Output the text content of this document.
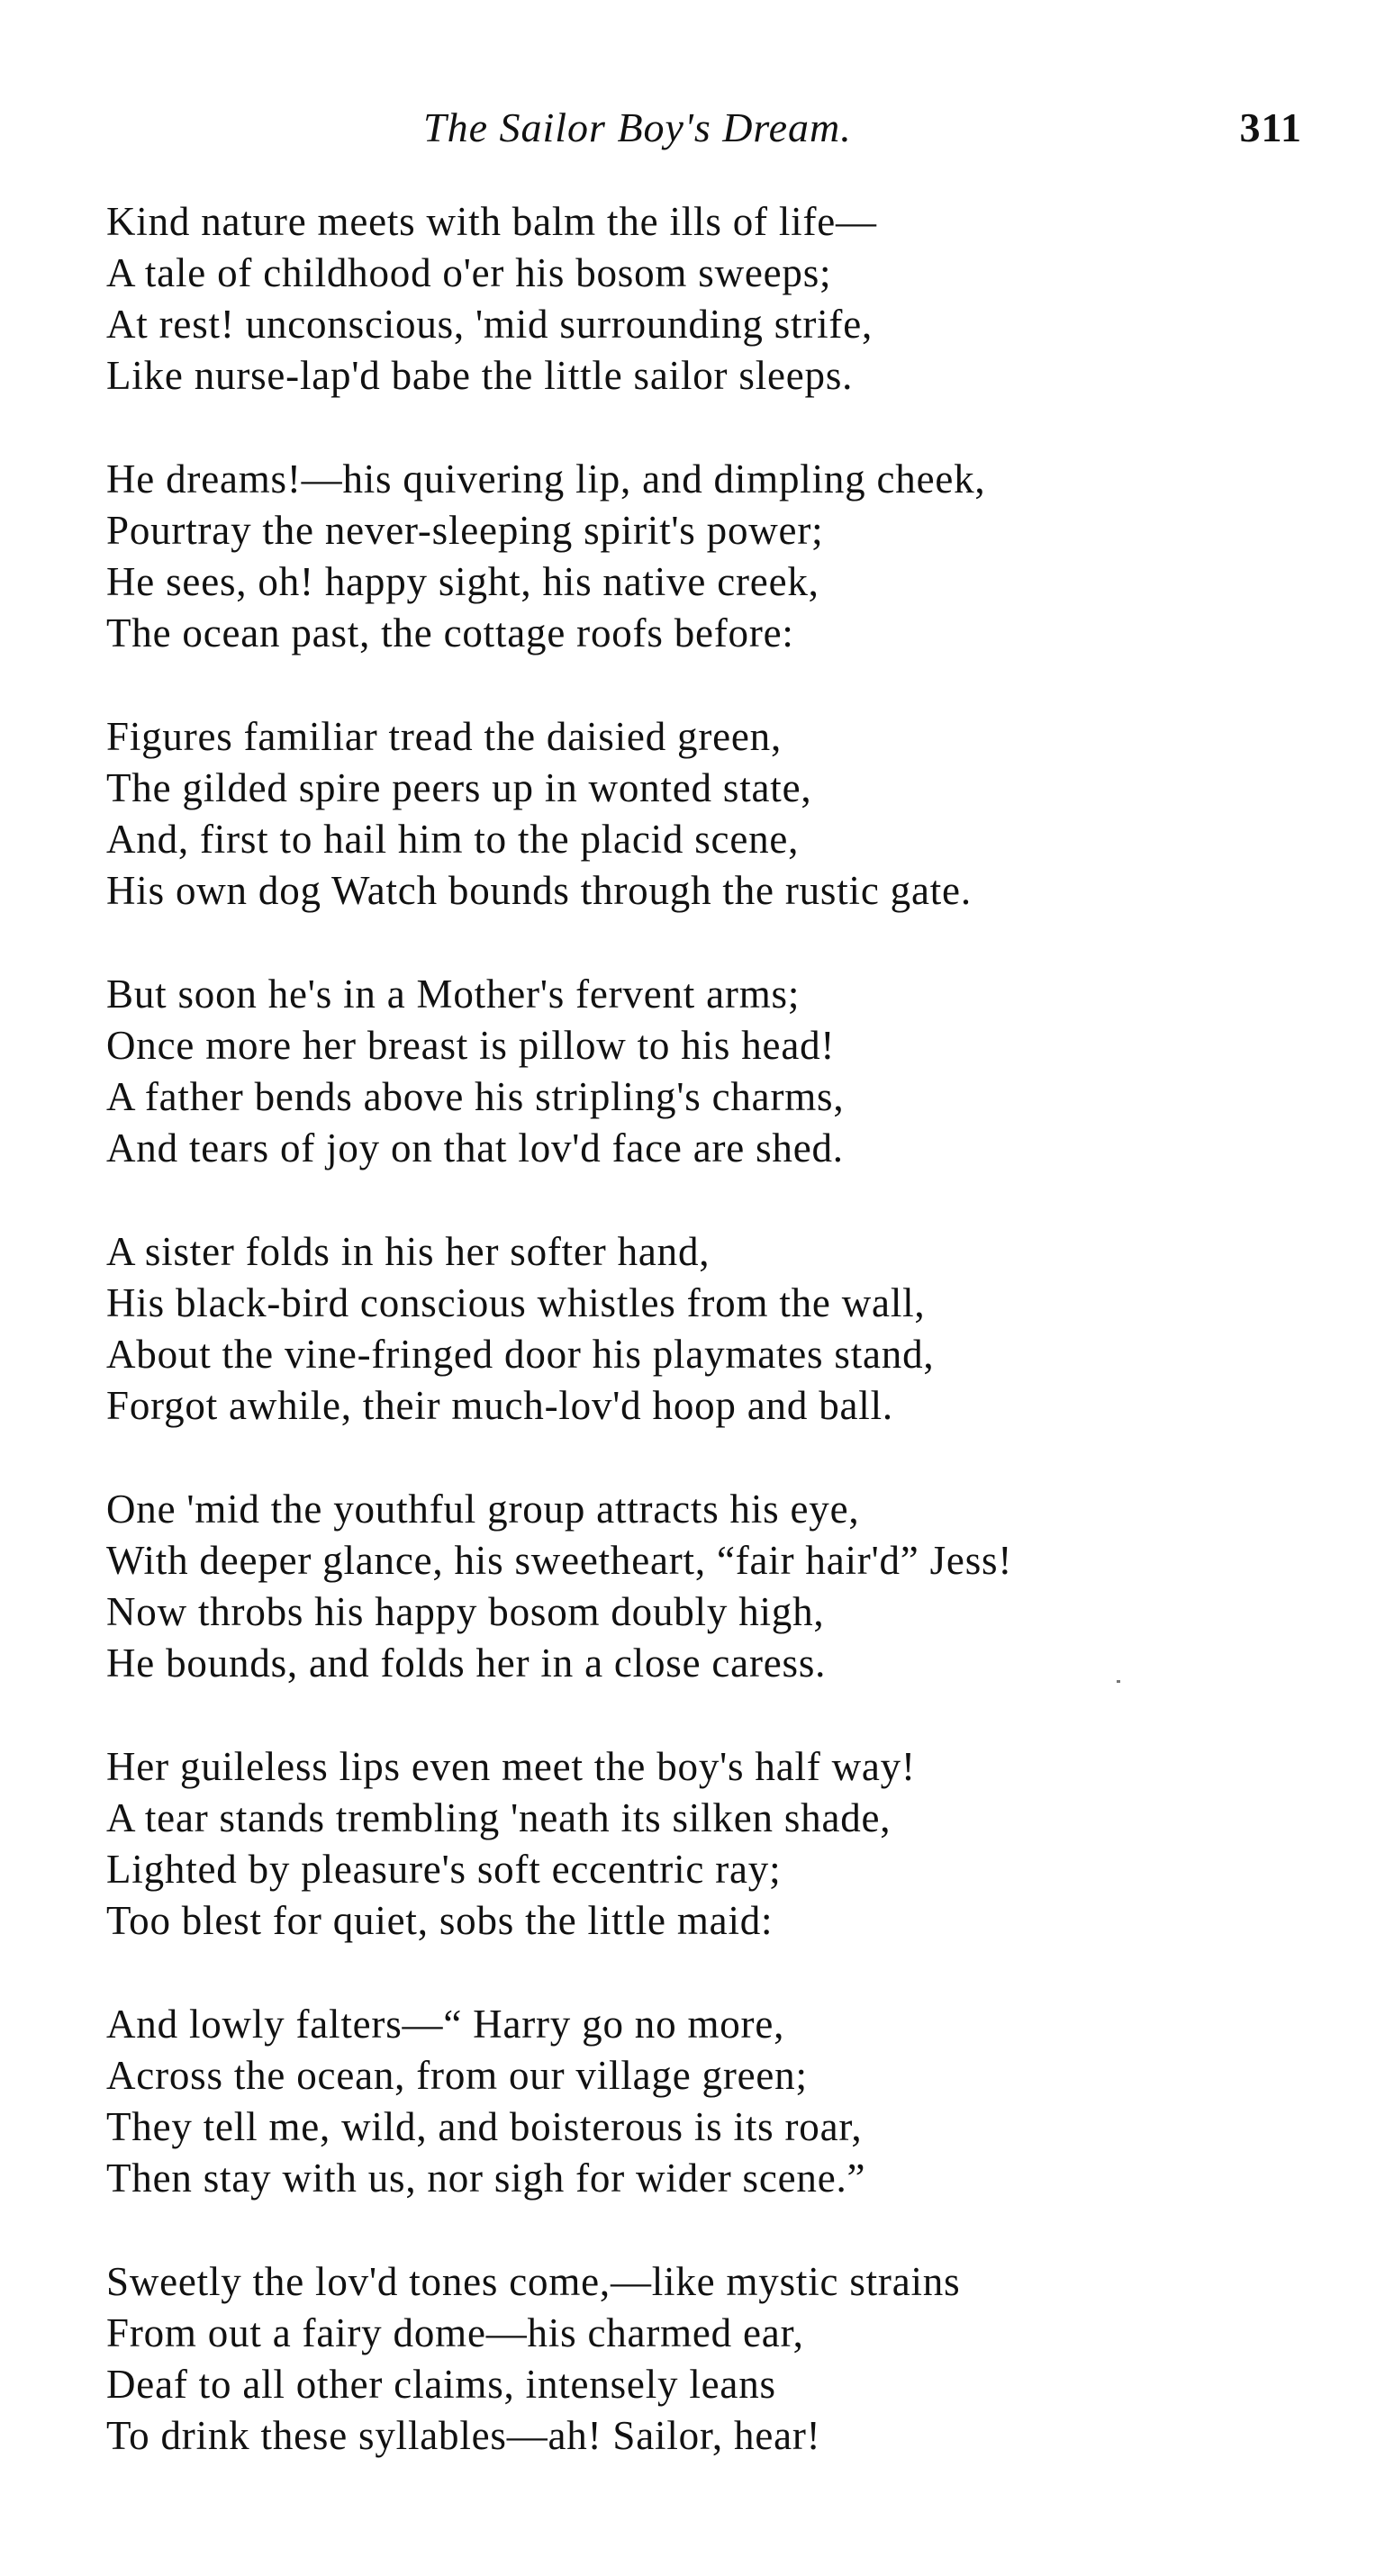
The Sailor Boy's Dream.	311
Kind nature meets with balm the ills of life—
A tale of childhood o'er his bosom sweeps;
At rest! unconscious, 'mid surrounding strife,
Like nurse-lap'd babe the little sailor sleeps.
He dreams!—his quivering lip, and dimpling cheek,
Pourtray the never-sleeping spirit's power;
He sees, oh! happy sight, his native creek,
The ocean past, the cottage roofs before:
Figures familiar tread the daisied green,
The gilded spire peers up in wonted state,
And, first to hail him to the placid scene,
His own dog Watch bounds through the rustic gate.
But soon he's in a Mother's fervent arms;
Once more her breast is pillow to his head!
A father bends above his stripling's charms,
And tears of joy on that lov'd face are shed.
A sister folds in his her softer hand,
His black-bird conscious whistles from the wall,
About the vine-fringed door his playmates stand,
Forgot awhile, their much-lov'd hoop and ball.
One 'mid the youthful group attracts his eye,
With deeper glance, his sweetheart, “fair hair'd” Jess!
Now throbs his happy bosom doubly high,
He bounds, and folds her in a close caress.
Her guileless lips even meet the boy's half way!
A tear stands trembling 'neath its silken shade,
Lighted by pleasure's soft eccentric ray;
Too blest for quiet, sobs the little maid:
And lowly falters—“ Harry go no more,
Across the ocean, from our village green;
They tell me, wild, and boisterous is its roar,
Then stay with us, nor sigh for wider scene.”
Sweetly the lov'd tones come,—like mystic strains
From out a fairy dome—his charmed ear,
Deaf to all other claims, intensely leans
To drink these syllables—ah! Sailor, hear!
